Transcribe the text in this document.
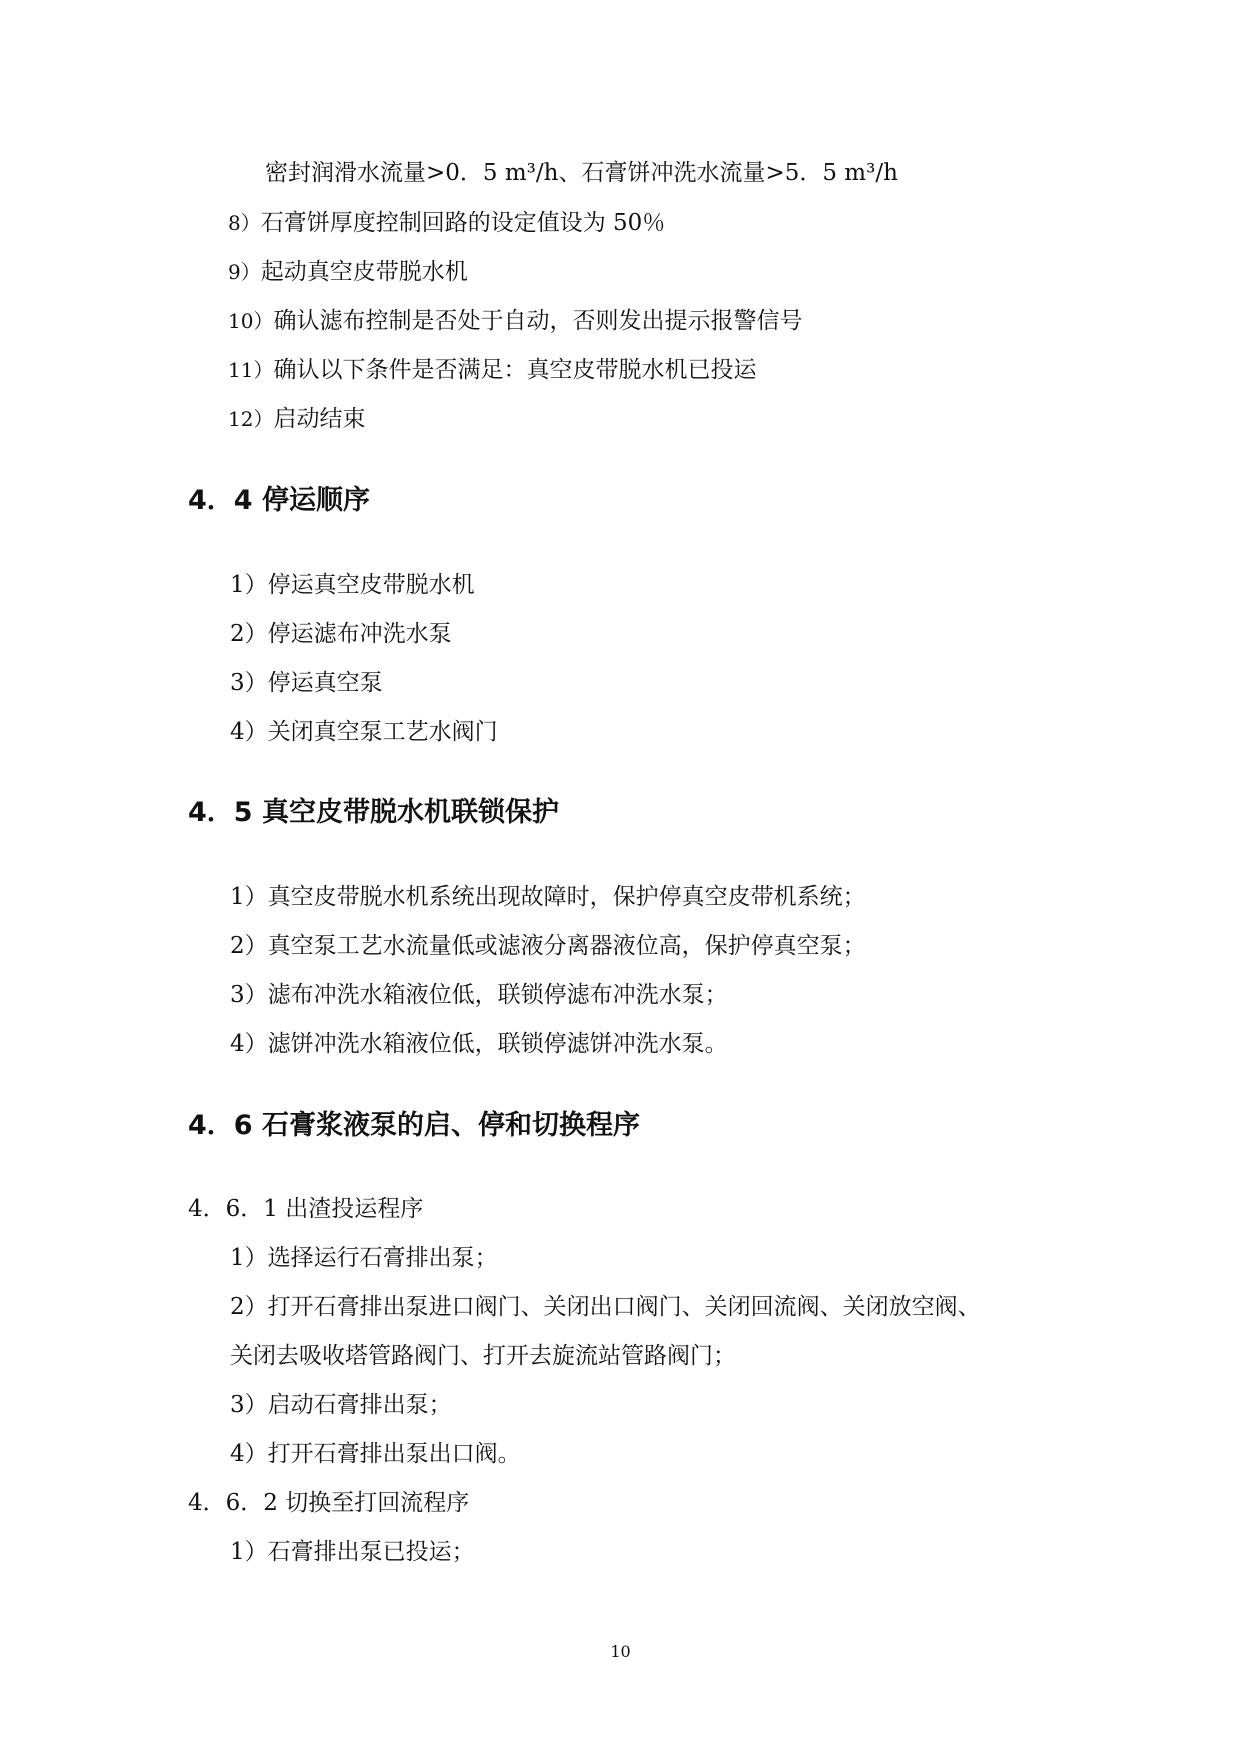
密封润滑水流量>0．5 m³/h、石膏饼冲洗水流量>5．5 m³/h
8）石膏饼厚度控制回路的设定值设为 50％
9）起动真空皮带脱水机
10）确认滤布控制是否处于自动，否则发出提示报警信号
11）确认以下条件是否满足：真空皮带脱水机已投运
12）启动结束
4．4 停运顺序
1）停运真空皮带脱水机
2）停运滤布冲洗水泵
3）停运真空泵
4）关闭真空泵工艺水阀门
4．5 真空皮带脱水机联锁保护
1）真空皮带脱水机系统出现故障时，保护停真空皮带机系统；
2）真空泵工艺水流量低或滤液分离器液位高，保护停真空泵；
3）滤布冲洗水箱液位低，联锁停滤布冲洗水泵；
4）滤饼冲洗水箱液位低，联锁停滤饼冲洗水泵。
4．6 石膏浆液泵的启、停和切换程序
4．6．1 出渣投运程序
1）选择运行石膏排出泵；
2）打开石膏排出泵进口阀门、关闭出口阀门、关闭回流阀、关闭放空阀、
关闭去吸收塔管路阀门、打开去旋流站管路阀门；
3）启动石膏排出泵；
4）打开石膏排出泵出口阀。
4．6．2 切换至打回流程序
1）石膏排出泵已投运；
10
